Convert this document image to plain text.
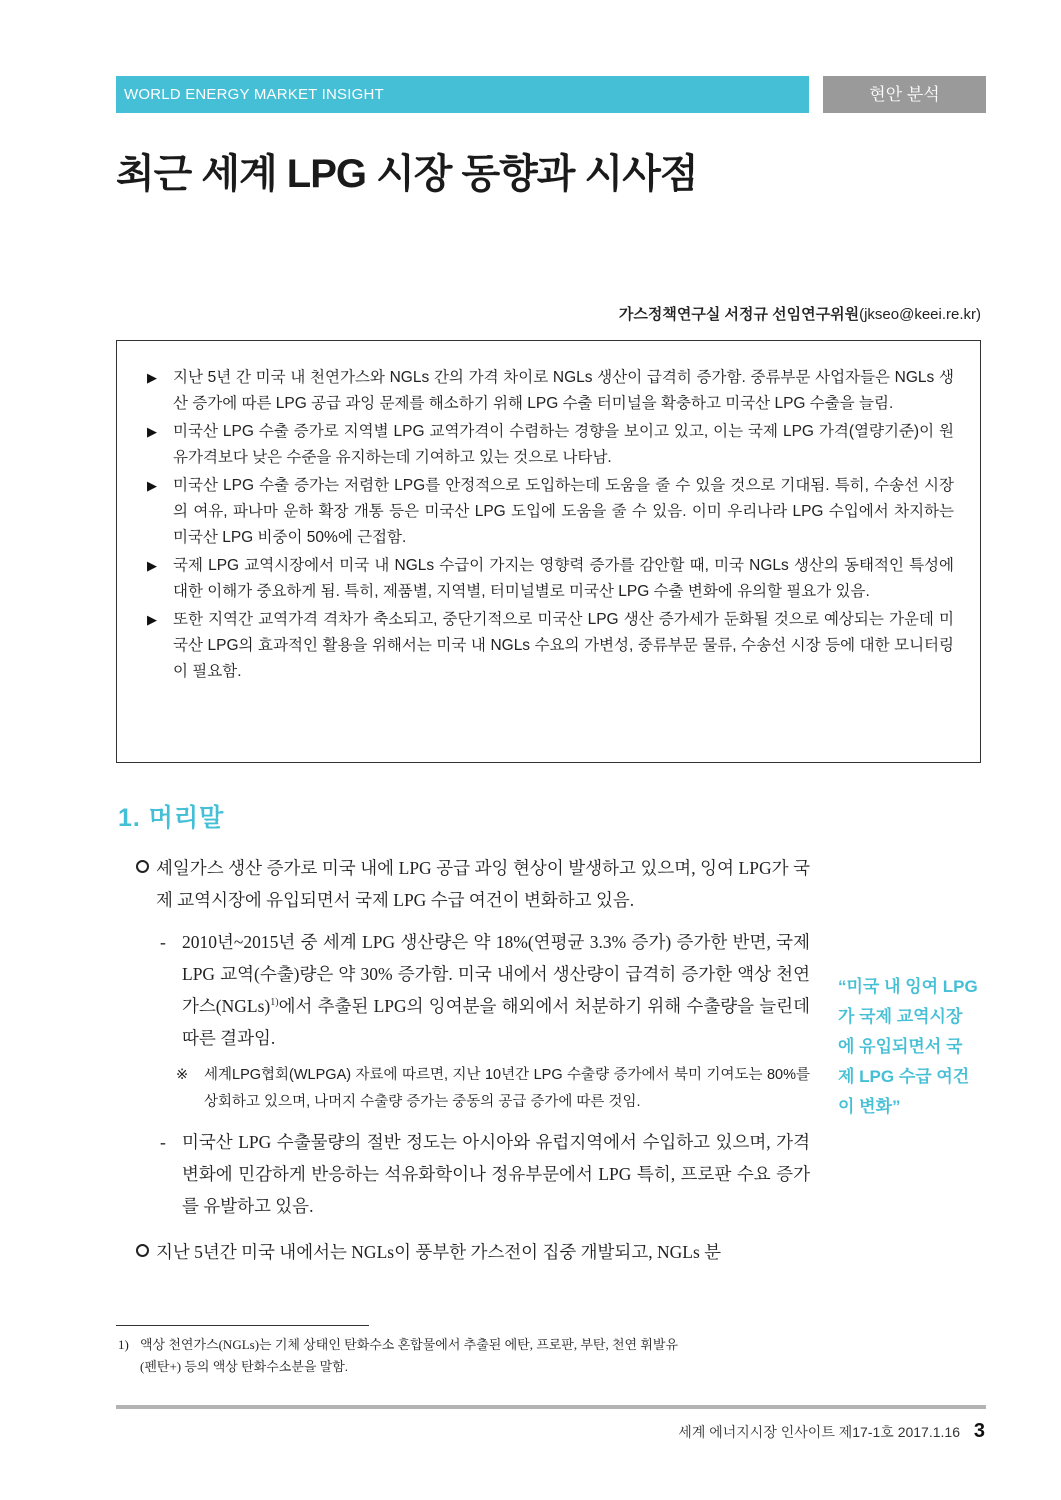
WORLD ENERGY MARKET INSIGHT	현안 분석
최근 세계 LPG 시장 동향과 시사점
가스정책연구실 서정규 선임연구위원(jkseo@keei.re.kr)
▶ 지난 5년 간 미국 내 천연가스와 NGLs 간의 가격 차이로 NGLs 생산이 급격히 증가함. 중류부문 사업자들은 NGLs 생산 증가에 따른 LPG 공급 과잉 문제를 해소하기 위해 LPG 수출 터미널을 확충하고 미국산 LPG 수출을 늘림.
▶ 미국산 LPG 수출 증가로 지역별 LPG 교역가격이 수렴하는 경향을 보이고 있고, 이는 국제 LPG 가격(열량기준)이 원유가격보다 낮은 수준을 유지하는데 기여하고 있는 것으로 나타남.
▶ 미국산 LPG 수출 증가는 저렴한 LPG를 안정적으로 도입하는데 도움을 줄 수 있을 것으로 기대됨. 특히, 수송선 시장의 여유, 파나마 운하 확장 개통 등은 미국산 LPG 도입에 도움을 줄 수 있음. 이미 우리나라 LPG 수입에서 차지하는 미국산 LPG 비중이 50%에 근접함.
▶ 국제 LPG 교역시장에서 미국 내 NGLs 수급이 가지는 영향력 증가를 감안할 때, 미국 NGLs 생산의 동태적인 특성에 대한 이해가 중요하게 됨. 특히, 제품별, 지역별, 터미널별로 미국산 LPG 수출 변화에 유의할 필요가 있음.
▶ 또한 지역간 교역가격 격차가 축소되고, 중단기적으로 미국산 LPG 생산 증가세가 둔화될 것으로 예상되는 가운데 미국산 LPG의 효과적인 활용을 위해서는 미국 내 NGLs 수요의 가변성, 중류부문 물류, 수송선 시장 등에 대한 모니터링이 필요함.
1. 머리말
셰일가스 생산 증가로 미국 내에 LPG 공급 과잉 현상이 발생하고 있으며, 잉여 LPG가 국제 교역시장에 유입되면서 국제 LPG 수급 여건이 변화하고 있음.
- 2010년~2015년 중 세계 LPG 생산량은 약 18%(연평균 3.3% 증가) 증가한 반면, 국제 LPG 교역(수출)량은 약 30% 증가함. 미국 내에서 생산량이 급격히 증가한 액상 천연가스(NGLs)$^{1)}$에서 추출된 LPG의 잉여분을 해외에서 처분하기 위해 수출량을 늘린데 따른 결과임.
※ 세계LPG협회(WLPGA) 자료에 따르면, 지난 10년간 LPG 수출량 증가에서 북미 기여도는 80%를 상회하고 있으며, 나머지 수출량 증가는 중동의 공급 증가에 따른 것임.
- 미국산 LPG 수출물량의 절반 정도는 아시아와 유럽지역에서 수입하고 있으며, 가격변화에 민감하게 반응하는 석유화학이나 정유부문에서 LPG 특히, 프로판 수요 증가를 유발하고 있음.
지난 5년간 미국 내에서는 NGLs이 풍부한 가스전이 집중 개발되고, NGLs 분
“미국 내 잉여 LPG가 국제 교역시장에 유입되면서 국제 LPG 수급 여건이 변화”
1) 액상 천연가스(NGLs)는 기체 상태인 탄화수소 혼합물에서 추출된 에탄, 프로판, 부탄, 천연 휘발유
(펜탄+) 등의 액상 탄화수소분을 말함.
세계 에너지시장 인사이트 제17-1호 2017.1.16 3
